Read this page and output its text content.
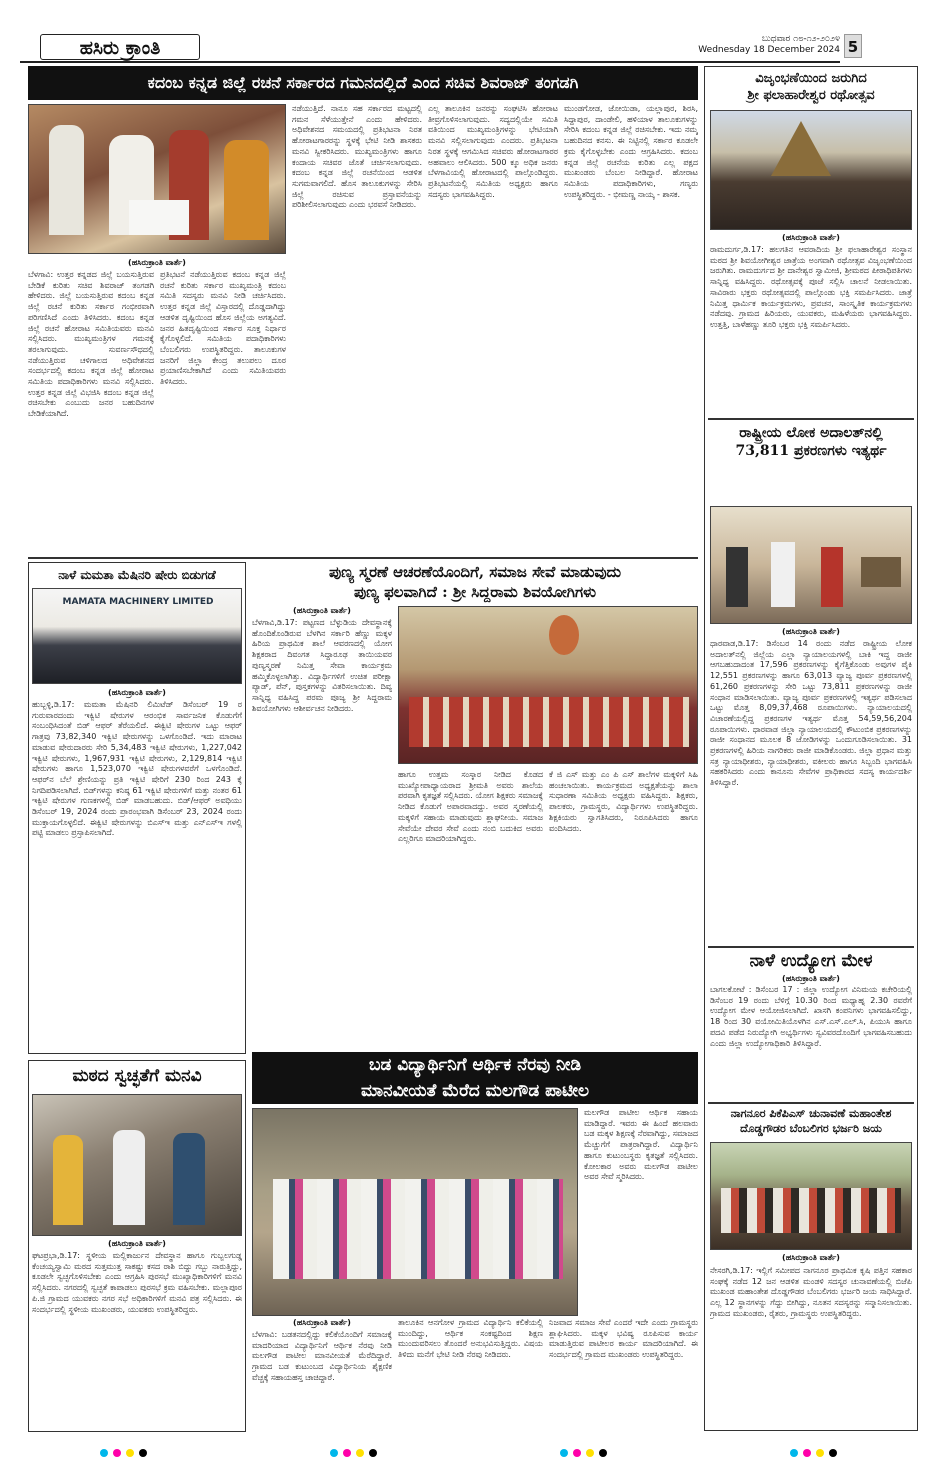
ಹಸಿರು ಕ್ರಾಂತಿ	ಬುಧವಾರ ೧೮-೧೨-೨೦೨೪
Wednesday 18 December 2024 5
ಕದಂಬ ಕನ್ನಡ ಜಿಲ್ಲೆ ರಚನೆ ಸರ್ಕಾರದ ಗಮನದಲ್ಲಿದೆ ಎಂದ ಸಚಿವ ಶಿವರಾಜ್ ತಂಗಡಗಿ
(ಹಸಿರುಕ್ರಾಂತಿ ವಾರ್ತೆ)
ಬೆಳಗಾವಿ: ಉತ್ತರ ಕನ್ನಡದ ಜಿಲ್ಲೆ ಬಯಸುತ್ತಿರುವ ಬೇಡಿಕೆ ಕುರಿತು ಸಚಿವ ಶಿವರಾಜ್ ತಂಗಡಗಿ ಹೇಳಿದರು. ಜಿಲ್ಲೆ ಬಯಸುತ್ತಿರುವ ಕದಂಬ ಕನ್ನಡ ಜಿಲ್ಲೆ ರಚನೆ ಕುರಿತು ಸರ್ಕಾರ ಗಂಭೀರವಾಗಿ ಪರಿಗಣಿಸಿದೆ ಎಂದು ತಿಳಿಸಿದರು. ಕದಂಬ ಕನ್ನಡ ಜಿಲ್ಲೆ ರಚನೆ ಹೋರಾಟ ಸಮಿತಿಯವರು ಮನವಿ ಸಲ್ಲಿಸಿದರು. ಮುಖ್ಯಮಂತ್ರಿಗಳ ಗಮನಕ್ಕೆ ತರಲಾಗುವುದು. ಸುವರ್ಣಸೌಧದಲ್ಲಿ ನಡೆಯುತ್ತಿರುವ ಚಳಿಗಾಲದ ಅಧಿವೇಶನದ ಸಂದರ್ಭದಲ್ಲಿ ಕದಂಬ ಕನ್ನಡ ಜಿಲ್ಲೆ ಹೋರಾಟ ಸಮಿತಿಯ ಪದಾಧಿಕಾರಿಗಳು ಮನವಿ ಸಲ್ಲಿಸಿದರು. ಉತ್ತರ ಕನ್ನಡ ಜಿಲ್ಲೆ ವಿಭಜಿಸಿ ಕದಂಬ ಕನ್ನಡ ಜಿಲ್ಲೆ ರಚಿಸಬೇಕು ಎಂಬುದು ಜನರ ಬಹುದಿನಗಳ ಬೇಡಿಕೆಯಾಗಿದೆ.
ಪ್ರತಿಭಟನೆ ನಡೆಯುತ್ತಿರುವ ಕದಂಬ ಕನ್ನಡ ಜಿಲ್ಲೆ ರಚನೆ ಕುರಿತು ಸರ್ಕಾರ ಮುಖ್ಯಮಂತ್ರಿ ಕದಂಬ ಸಮಿತಿ ಸದಸ್ಯರು ಮನವಿ ನೀಡಿ ಚರ್ಚಿಸಿದರು. ಉತ್ತರ ಕನ್ನಡ ಜಿಲ್ಲೆ ವಿಸ್ತಾರದಲ್ಲಿ ದೊಡ್ಡದಾಗಿದ್ದು ಆಡಳಿತ ದೃಷ್ಟಿಯಿಂದ ಹೊಸ ಜಿಲ್ಲೆಯ ಅಗತ್ಯವಿದೆ. ಜನರ ಹಿತದೃಷ್ಟಿಯಿಂದ ಸರ್ಕಾರ ಸೂಕ್ತ ನಿರ್ಧಾರ ಕೈಗೊಳ್ಳಲಿದೆ. ಸಮಿತಿಯ ಪದಾಧಿಕಾರಿಗಳು ಬೆಂಬಲಿಗರು ಉಪಸ್ಥಿತರಿದ್ದರು. ತಾಲೂಕುಗಳ ಜನರಿಗೆ ಜಿಲ್ಲಾ ಕೇಂದ್ರ ತಲುಪಲು ದೂರ ಪ್ರಯಾಣಿಸಬೇಕಾಗಿದೆ ಎಂದು ಸಮಿತಿಯವರು ತಿಳಿಸಿದರು.
ನಡೆಯುತ್ತಿದೆ. ನಾನೂ ಸಹ ಸರ್ಕಾರದ ಮಟ್ಟದಲ್ಲಿ ಗಮನ ಸೆಳೆಯುತ್ತೇನೆ ಎಂದು ಹೇಳಿದರು. ಅಧಿವೇಶನದ ಸಮಯದಲ್ಲಿ ಪ್ರತಿಭಟನಾ ನಿರತ ಹೋರಾಟಗಾರರನ್ನು ಸ್ಥಳಕ್ಕೆ ಭೇಟಿ ನೀಡಿ ಶಾಸಕರು ಮನವಿ ಸ್ವೀಕರಿಸಿದರು. ಮುಖ್ಯಮಂತ್ರಿಗಳು ಹಾಗೂ ಕಂದಾಯ ಸಚಿವರ ಜೊತೆ ಚರ್ಚಿಸಲಾಗುವುದು. ಕದಂಬ ಕನ್ನಡ ಜಿಲ್ಲೆ ರಚನೆಯಿಂದ ಆಡಳಿತ ಸುಗಮವಾಗಲಿದೆ. ಹೊಸ ತಾಲೂಕುಗಳನ್ನು ಸೇರಿಸಿ ಜಿಲ್ಲೆ ರಚಿಸುವ ಪ್ರಸ್ತಾವನೆಯನ್ನು ಪರಿಶೀಲಿಸಲಾಗುವುದು ಎಂದು ಭರವಸೆ ನೀಡಿದರು.
ಎಲ್ಲ ತಾಲೂಕಿನ ಜನರನ್ನು ಸಂಘಟಿಸಿ ಹೋರಾಟ ತೀವ್ರಗೊಳಿಸಲಾಗುವುದು. ಸದ್ಯದಲ್ಲಿಯೇ ಸಮಿತಿ ವತಿಯಿಂದ ಮುಖ್ಯಮಂತ್ರಿಗಳನ್ನು ಭೇಟಿಯಾಗಿ ಮನವಿ ಸಲ್ಲಿಸಲಾಗುವುದು ಎಂದರು. ಪ್ರತಿಭಟನಾ ನಿರತ ಸ್ಥಳಕ್ಕೆ ಆಗಮಿಸಿದ ಸಚಿವರು ಹೋರಾಟಗಾರರ ಅಹವಾಲು ಆಲಿಸಿದರು. 500 ಕ್ಕೂ ಅಧಿಕ ಜನರು ಬೆಳಗಾವಿಯಲ್ಲಿ ಹೋರಾಟದಲ್ಲಿ ಪಾಲ್ಗೊಂಡಿದ್ದರು. ಪ್ರತಿಭಟನೆಯಲ್ಲಿ ಸಮಿತಿಯ ಅಧ್ಯಕ್ಷರು ಹಾಗೂ ಸದಸ್ಯರು ಭಾಗವಹಿಸಿದ್ದರು.
ಮುಂಡಗೋಡ, ಜೋಯಿಡಾ, ಯಲ್ಲಾಪುರ, ಶಿರಸಿ, ಸಿದ್ದಾಪುರ, ದಾಂಡೇಲಿ, ಹಳಿಯಾಳ ತಾಲೂಕುಗಳನ್ನು ಸೇರಿಸಿ ಕದಂಬ ಕನ್ನಡ ಜಿಲ್ಲೆ ರಚಿಸಬೇಕು. ಇದು ನಮ್ಮ ಬಹುದಿನದ ಕನಸು. ಈ ನಿಟ್ಟಿನಲ್ಲಿ ಸರ್ಕಾರ ಕೂಡಲೇ ಕ್ರಮ ಕೈಗೊಳ್ಳಬೇಕು ಎಂದು ಆಗ್ರಹಿಸಿದರು. ಕದಂಬ ಕನ್ನಡ ಜಿಲ್ಲೆ ರಚನೆಯ ಕುರಿತು ಎಲ್ಲ ಪಕ್ಷದ ಮುಖಂಡರು ಬೆಂಬಲ ನೀಡಿದ್ದಾರೆ. ಹೋರಾಟ ಸಮಿತಿಯ ಪದಾಧಿಕಾರಿಗಳು, ಗಣ್ಯರು ಉಪಸ್ಥಿತರಿದ್ದರು. - ಭೀಮಣ್ಣ ನಾಯ್ಕ - ಶಾಸಕ.
ವಿಜೃಂಭಣೆಯಿಂದ ಜರುಗಿದ
ಶ್ರೀ ಫಲಾಹಾರೇಶ್ವರ ರಥೋತ್ಸವ
(ಹಸಿರುಕ್ರಾಂತಿ ವಾರ್ತೆ)
ರಾಮದುರ್ಗ,ಡಿ.17: ಹಲಗತಿನ ಆವರಾದಿಯ ಶ್ರೀ ಫಲಾಹಾರೇಶ್ವರ ಸಂಸ್ಥಾನ ಮಠದ ಶ್ರೀ ಶಿವಯೋಗೀಶ್ವರ ಜಾತ್ರೆಯ ಅಂಗವಾಗಿ ರಥೋತ್ಸವ ವಿಜೃಂಭಣೆಯಿಂದ ಜರುಗಿತು. ರಾಮದುರ್ಗದ ಶ್ರೀ ದಾನೇಶ್ವರ ಸ್ವಾಮೀಜಿ, ಶ್ರೀಮಠದ ಪೀಠಾಧಿಪತಿಗಳು ಸಾನ್ನಿಧ್ಯ ವಹಿಸಿದ್ದರು. ರಥೋತ್ಸವಕ್ಕೆ ಪೂಜೆ ಸಲ್ಲಿಸಿ ಚಾಲನೆ ನೀಡಲಾಯಿತು. ಸಾವಿರಾರು ಭಕ್ತರು ರಥೋತ್ಸವದಲ್ಲಿ ಪಾಲ್ಗೊಂಡು ಭಕ್ತಿ ಸಮರ್ಪಿಸಿದರು. ಜಾತ್ರೆ ನಿಮಿತ್ತ ಧಾರ್ಮಿಕ ಕಾರ್ಯಕ್ರಮಗಳು, ಪ್ರವಚನ, ಸಾಂಸ್ಕೃತಿಕ ಕಾರ್ಯಕ್ರಮಗಳು ನಡೆದವು. ಗ್ರಾಮದ ಹಿರಿಯರು, ಯುವಕರು, ಮಹಿಳೆಯರು ಭಾಗವಹಿಸಿದ್ದರು. ಉತ್ತತ್ತಿ, ಬಾಳೆಹಣ್ಣು ತೂರಿ ಭಕ್ತರು ಭಕ್ತಿ ಸಮರ್ಪಿಸಿದರು.
ರಾಷ್ಟ್ರೀಯ ಲೋಕ ಅದಾಲತ್‌ನಲ್ಲಿ
73,811 ಪ್ರಕರಣಗಳು ಇತ್ಯರ್ಥ
(ಹಸಿರುಕ್ರಾಂತಿ ವಾರ್ತೆ)
ಧಾರವಾಡ,ಡಿ.17: ಡಿಸೆಂಬರ 14 ರಂದು ನಡೆದ ರಾಷ್ಟ್ರೀಯ ಲೋಕ ಅದಾಲತ್‌ನಲ್ಲಿ ಜಿಲ್ಲೆಯ ಎಲ್ಲಾ ನ್ಯಾಯಾಲಯಗಳಲ್ಲಿ ಬಾಕಿ ಇದ್ದ ರಾಜೀ ಆಗಬಹುದಾದಂತ 17,596 ಪ್ರಕರಣಗಳನ್ನು ಕೈಗೆತ್ತಿಕೊಂಡು ಅವುಗಳ ಪೈಕಿ 12,551 ಪ್ರಕರಣಗಳನ್ನು ಹಾಗೂ 63,013 ವ್ಯಾಜ್ಯ ಪೂರ್ವ ಪ್ರಕರಣಗಳಲ್ಲಿ 61,260 ಪ್ರಕರಣಗಳನ್ನು ಸೇರಿ ಒಟ್ಟು 73,811 ಪ್ರಕರಣಗಳನ್ನು ರಾಜೀ ಸಂಧಾನ ಮಾಡಿಸಲಾಯಿತು. ವ್ಯಾಜ್ಯ ಪೂರ್ವ ಪ್ರಕರಣಗಳಲ್ಲಿ ಇತ್ಯರ್ಥ ಪಡಿಸಲಾದ ಒಟ್ಟು ಮೊತ್ತ 8,09,37,468 ರೂಪಾಯಿಗಳು. ನ್ಯಾಯಾಲಯದಲ್ಲಿ ವಿಚಾರಣೆಯಲ್ಲಿದ್ದ ಪ್ರಕರಣಗಳ ಇತ್ಯರ್ಥ ಮೊತ್ತ 54,59,56,204 ರೂಪಾಯಿಗಳು. ಧಾರವಾಡ ಜಿಲ್ಲಾ ನ್ಯಾಯಾಲಯದಲ್ಲಿ ಕೌಟುಂಬಿಕ ಪ್ರಕರಣಗಳನ್ನು ರಾಜೀ ಸಂಧಾನದ ಮೂಲಕ 8 ಜೋಡಿಗಳನ್ನು ಒಂದುಗೂಡಿಸಲಾಯಿತು. 31 ಪ್ರಕರಣಗಳಲ್ಲಿ ಹಿರಿಯ ನಾಗರಿಕರು ರಾಜೀ ಮಾಡಿಕೊಂಡರು. ಜಿಲ್ಲಾ ಪ್ರಧಾನ ಮತ್ತು ಸತ್ರ ನ್ಯಾಯಾಧೀಶರು, ನ್ಯಾಯಾಧೀಶರು, ವಕೀಲರು ಹಾಗೂ ಸಿಬ್ಬಂದಿ ಭಾಗವಹಿಸಿ ಸಹಕರಿಸಿದರು ಎಂದು ಕಾನೂನು ಸೇವೆಗಳ ಪ್ರಾಧಿಕಾರದ ಸದಸ್ಯ ಕಾರ್ಯದರ್ಶಿ ತಿಳಿಸಿದ್ದಾರೆ.
ನಾಳೆ ಉದ್ಯೋಗ ಮೇಳ
(ಹಸಿರುಕ್ರಾಂತಿ ವಾರ್ತೆ)
ಬಾಗಲಕೋಟೆ : ಡಿಸೆಂಬರ 17 : ಜಿಲ್ಲಾ ಉದ್ಯೋಗ ವಿನಿಮಯ ಕಚೇರಿಯಲ್ಲಿ ಡಿಸೆಂಬರ 19 ರಂದು ಬೆಳಿಗ್ಗೆ 10.30 ರಿಂದ ಮಧ್ಯಾಹ್ನ 2.30 ರವರೆಗೆ ಉದ್ಯೋಗ ಮೇಳ ಆಯೋಜಿಸಲಾಗಿದೆ. ಖಾಸಗಿ ಕಂಪನಿಗಳು ಭಾಗವಹಿಸಲಿದ್ದು, 18 ರಿಂದ 30 ವಯೋಮಿತಿಯೊಳಗಿನ ಎಸ್.ಎಸ್.ಎಲ್.ಸಿ, ಪಿಯುಸಿ ಹಾಗೂ ಪದವಿ ಪಡೆದ ನಿರುದ್ಯೋಗಿ ಅಭ್ಯರ್ಥಿಗಳು ಸ್ವವಿವರದೊಂದಿಗೆ ಭಾಗವಹಿಸಬಹುದು ಎಂದು ಜಿಲ್ಲಾ ಉದ್ಯೋಗಾಧಿಕಾರಿ ತಿಳಿಸಿದ್ದಾರೆ.
ನಾಗನೂರ ಪಿಕೆಪಿಎಸ್ ಚುನಾವಣೆ ಮಹಾಂತೇಶ
ದೊಡ್ಡಗೌಡರ ಬೆಂಬಲಿಗರ ಭರ್ಜರಿ ಜಯ
(ಹಸಿರುಕ್ರಾಂತಿ ವಾರ್ತೆ)
ನೇಸರಗಿ,ಡಿ.17: ಇಲ್ಲಿಗೆ ಸಮೀಪದ ನಾಗನೂರ ಪ್ರಾಥಮಿಕ ಕೃಷಿ ಪತ್ತಿನ ಸಹಕಾರ ಸಂಘಕ್ಕೆ ನಡೆದ 12 ಜನ ಆಡಳಿತ ಮಂಡಳಿ ಸದಸ್ಯರ ಚುನಾವಣೆಯಲ್ಲಿ ಬಿಜೆಪಿ ಮುಖಂಡ ಮಹಾಂತೇಶ ದೊಡ್ಡಗೌಡರ ಬೆಂಬಲಿಗರು ಭರ್ಜರಿ ಜಯ ಸಾಧಿಸಿದ್ದಾರೆ. ಎಲ್ಲ 12 ಸ್ಥಾನಗಳನ್ನು ಗೆದ್ದು ಬೀಗಿದ್ದು, ನೂತನ ಸದಸ್ಯರನ್ನು ಸನ್ಮಾನಿಸಲಾಯಿತು. ಗ್ರಾಮದ ಮುಖಂಡರು, ರೈತರು, ಗ್ರಾಮಸ್ಥರು ಉಪಸ್ಥಿತರಿದ್ದರು.
ನಾಳೆ ಮಮತಾ ಮೆಷಿನರಿ ಷೇರು ಬಿಡುಗಡೆ
MAMATA MACHINERY LIMITED
(ಹಸಿರುಕ್ರಾಂತಿ ವಾರ್ತೆ)
ಹುಬ್ಬಳ್ಳಿ,ಡಿ.17: ಮಮತಾ ಮೆಷಿನರಿ ಲಿಮಿಟೆಡ್ ಡಿಸೆಂಬರ್ 19 ರ ಗುರುವಾರದಂದು ಇಕ್ವಿಟಿ ಷೇರುಗಳ ಆರಂಭಿಕ ಸಾರ್ವಜನಿಕ ಕೊಡುಗೆಗೆ ಸಂಬಂಧಿಸಿದಂತೆ ಬಿಡ್ ಆಫರ್ ತೆರೆಯಲಿದೆ. ಈಕ್ವಿಟಿ ಷೇರುಗಳ ಒಟ್ಟು ಆಫರ್ ಗಾತ್ರವು 73,82,340 ಇಕ್ವಿಟಿ ಷೇರುಗಳನ್ನು ಒಳಗೊಂಡಿದೆ. ಇದು ಮಾರಾಟ ಮಾಡುವ ಷೇರುದಾರರು ಸೇರಿ 5,34,483 ಇಕ್ವಿಟಿ ಷೇರುಗಳು, 1,227,042 ಇಕ್ವಿಟಿ ಷೇರುಗಳು, 1,967,931 ಇಕ್ವಿಟಿ ಷೇರುಗಳು, 2,129,814 ಇಕ್ವಿಟಿ ಷೇರುಗಳು ಹಾಗೂ 1,523,070 ಇಕ್ವಿಟಿ ಷೇರುಗಳವರೆಗೆ ಒಳಗೊಂಡಿದೆ. ಆಫರ್‌ನ ಬೆಲೆ ಶ್ರೇಣಿಯನ್ನು ಪ್ರತಿ ಇಕ್ವಿಟಿ ಷೇರಿಗೆ 230 ರಿಂದ 243 ಕ್ಕೆ ನಿಗದಿಪಡಿಸಲಾಗಿದೆ. ಬಿಡ್‌ಗಳನ್ನು ಕನಿಷ್ಠ 61 ಇಕ್ವಿಟಿ ಷೇರುಗಳಿಗೆ ಮತ್ತು ನಂತರ 61 ಇಕ್ವಿಟಿ ಷೇರುಗಳ ಗುಣಕಗಳಲ್ಲಿ ಬಿಡ್ ಮಾಡಬಹುದು. ಬಿಡ್/ಆಫರ್ ಅವಧಿಯು ಡಿಸೆಂಬರ್ 19, 2024 ರಂದು ಪ್ರಾರಂಭವಾಗಿ ಡಿಸೆಂಬರ್ 23, 2024 ರಂದು ಮುಕ್ತಾಯಗೊಳ್ಳಲಿದೆ. ಈಕ್ವಿಟಿ ಷೇರುಗಳನ್ನು ಬಿಎಸ್‌ಇ ಮತ್ತು ಎನ್‌ಎಸ್‌ಇ ಗಳಲ್ಲಿ ಪಟ್ಟಿ ಮಾಡಲು ಪ್ರಸ್ತಾಪಿಸಲಾಗಿದೆ.
ಮಠದ ಸ್ವಚ್ಛತೆಗೆ ಮನವಿ
(ಹಸಿರುಕ್ರಾಂತಿ ವಾರ್ತೆ)
ಘಟಪ್ರಭಾ,ಡಿ.17: ಸ್ಥಳೀಯ ಮಲ್ಲಿಕಾರ್ಜುನ ದೇವಸ್ಥಾನ ಹಾಗೂ ಗುಬ್ಬಲಗುಡ್ಡ ಕೆಂಚಯ್ಯಸ್ವಾಮಿ ಮಠದ ಸುತ್ತಮುತ್ತ ಸಾಕಷ್ಟು ಕಸದ ರಾಶಿ ಬಿದ್ದು ಗಬ್ಬು ನಾರುತ್ತಿದ್ದು, ಕೂಡಲೇ ಸ್ವಚ್ಛಗೊಳಿಸಬೇಕು ಎಂದು ಆಗ್ರಹಿಸಿ ಪುರಸಭೆ ಮುಖ್ಯಾಧಿಕಾರಿಗಳಿಗೆ ಮನವಿ ಸಲ್ಲಿಸಿದರು. ನಗರದಲ್ಲಿ ಸ್ವಚ್ಛತೆ ಕಾಪಾಡಲು ಪುರಸಭೆ ಕ್ರಮ ವಹಿಸಬೇಕು. ಮಲ್ಲಾಪೂರ ಪಿ.ಜಿ ಗ್ರಾಮದ ಯುವಕರು ನಗರ ಸಭೆ ಅಧಿಕಾರಿಗಳಿಗೆ ಮನವಿ ಪತ್ರ ಸಲ್ಲಿಸಿದರು. ಈ ಸಂದರ್ಭದಲ್ಲಿ ಸ್ಥಳೀಯ ಮುಖಂಡರು, ಯುವಕರು ಉಪಸ್ಥಿತರಿದ್ದರು.
ಪುಣ್ಯ ಸ್ಮರಣೆ ಆಚರಣೆಯೊಂದಿಗೆ, ಸಮಾಜ ಸೇವೆ ಮಾಡುವುದು
ಪುಣ್ಯ ಫಲವಾಗಿದೆ : ಶ್ರೀ ಸಿದ್ದರಾಮ ಶಿವಯೋಗಿಗಳು
(ಹಸಿರುಕ್ರಾಂತಿ ವಾರ್ತೆ)
ಬೆಳಗಾವಿ,ಡಿ.17: ಪಟ್ಟಣದ ಬೆಳ್ಳುಡಿಯ ದೇವಸ್ಥಾನಕ್ಕೆ ಹೊಂದಿಕೊಂಡಿರುವ ಬೆಳಗಿನ ಸರ್ಕಾರಿ ಹೆಣ್ಣು ಮಕ್ಕಳ ಹಿರಿಯ ಪ್ರಾಥಮಿಕ ಶಾಲೆ ಆವರಣದಲ್ಲಿ ಯೋಗ ಶಿಕ್ಷಕರಾದ ದಿವಂಗತ ಸಿದ್ದಾರೂಢ ತಾಯಿಯವರ ಪುಣ್ಯಸ್ಮರಣೆ ನಿಮಿತ್ತ ಸೇವಾ ಕಾರ್ಯಕ್ರಮ ಹಮ್ಮಿಕೊಳ್ಳಲಾಗಿತ್ತು. ವಿದ್ಯಾರ್ಥಿಗಳಿಗೆ ಉಚಿತ ಪರೀಕ್ಷಾ ಪ್ಯಾಡ್, ಪೆನ್, ಪುಸ್ತಕಗಳನ್ನು ವಿತರಿಸಲಾಯಿತು. ದಿವ್ಯ ಸಾನ್ನಿಧ್ಯ ವಹಿಸಿದ್ದ ಪರಮ ಪೂಜ್ಯ ಶ್ರೀ ಸಿದ್ದರಾಮ ಶಿವಯೋಗಿಗಳು ಆಶೀರ್ವಚನ ನೀಡಿದರು.
ಹಾಗೂ ಉತ್ತಮ ಸಂಸ್ಕಾರ ನೀಡಿದ ಕೊಡದ ಮುಖ್ಯೋಪಾಧ್ಯಾಯರಾದ ಶ್ರೀಮತಿ ಅವರು ಶಾಲೆಯ ಪರವಾಗಿ ಕೃತಜ್ಞತೆ ಸಲ್ಲಿಸಿದರು. ಯೋಗ ಶಿಕ್ಷಕರು ಸಮಾಜಕ್ಕೆ ನೀಡಿದ ಕೊಡುಗೆ ಅಪಾರವಾದದ್ದು. ಅವರ ಸ್ಮರಣೆಯಲ್ಲಿ ಮಕ್ಕಳಿಗೆ ಸಹಾಯ ಮಾಡುವುದು ಶ್ಲಾಘನೀಯ. ಸಮಾಜ ಸೇವೆಯೇ ದೇವರ ಸೇವೆ ಎಂದು ನಂಬಿ ಬದುಕಿದ ಅವರು ಎಲ್ಲರಿಗೂ ಮಾದರಿಯಾಗಿದ್ದರು.
ಕೆ ಜಿ ಎಸ್ ಮತ್ತು ಎಂ ಪಿ ಎಸ್ ಶಾಲೆಗಳ ಮಕ್ಕಳಿಗೆ ಸಿಹಿ ಹಂಚಲಾಯಿತು. ಕಾರ್ಯಕ್ರಮದ ಅಧ್ಯಕ್ಷತೆಯನ್ನು ಶಾಲಾ ಸುಧಾರಣಾ ಸಮಿತಿಯ ಅಧ್ಯಕ್ಷರು ವಹಿಸಿದ್ದರು. ಶಿಕ್ಷಕರು, ಪಾಲಕರು, ಗ್ರಾಮಸ್ಥರು, ವಿದ್ಯಾರ್ಥಿಗಳು ಉಪಸ್ಥಿತರಿದ್ದರು. ಶಿಕ್ಷಕಿಯರು ಸ್ವಾಗತಿಸಿದರು, ನಿರೂಪಿಸಿದರು ಹಾಗೂ ವಂದಿಸಿದರು.
ಬಡ ವಿದ್ಯಾರ್ಥಿನಿಗೆ ಆರ್ಥಿಕ ನೆರವು ನೀಡಿ
ಮಾನವೀಯತೆ ಮೆರೆದ ಮಲಗೌಡ ಪಾಟೀಲ
ಮಲಗೌಡ ಪಾಟೀಲ ಆರ್ಥಿಕ ಸಹಾಯ ಮಾಡಿದ್ದಾರೆ. ಇವರು ಈ ಹಿಂದೆ ಹಲವಾರು ಬಡ ಮಕ್ಕಳ ಶಿಕ್ಷಣಕ್ಕೆ ನೆರವಾಗಿದ್ದು, ಸಮಾಜದ ಮೆಚ್ಚುಗೆಗೆ ಪಾತ್ರರಾಗಿದ್ದಾರೆ. ವಿದ್ಯಾರ್ಥಿನಿ ಹಾಗೂ ಕುಟುಂಬಸ್ಥರು ಕೃತಜ್ಞತೆ ಸಲ್ಲಿಸಿದರು. ಕೋಲಕಾರ ಅವರು ಮಲಗೌಡ ಪಾಟೀಲ ಅವರ ಸೇವೆ ಸ್ಮರಿಸಿದರು.
(ಹಸಿರುಕ್ರಾಂತಿ ವಾರ್ತೆ)
ಬೆಳಗಾವಿ: ಬಡತನದಲ್ಲಿದ್ದು ಕಲಿಕೆಯೊಂದಿಗೆ ಸಮಾಜಕ್ಕೆ ಮಾದರಿಯಾದ ವಿದ್ಯಾರ್ಥಿನಿಗೆ ಆರ್ಥಿಕ ನೆರವು ನೀಡಿ ಮಲಗೌಡ ಪಾಟೀಲ ಮಾನವೀಯತೆ ಮೆರೆದಿದ್ದಾರೆ. ಗ್ರಾಮದ ಬಡ ಕುಟುಂಬದ ವಿದ್ಯಾರ್ಥಿನಿಯ ಶೈಕ್ಷಣಿಕ ವೆಚ್ಚಕ್ಕೆ ಸಹಾಯಹಸ್ತ ಚಾಚಿದ್ದಾರೆ.
ತಾಲೂಕಿನ ಆನಗೋಳ ಗ್ರಾಮದ ವಿದ್ಯಾರ್ಥಿನಿ ಕಲಿಕೆಯಲ್ಲಿ ಮುಂದಿದ್ದು, ಆರ್ಥಿಕ ಸಂಕಷ್ಟದಿಂದ ಶಿಕ್ಷಣ ಮುಂದುವರಿಸಲು ತೊಂದರೆ ಅನುಭವಿಸುತ್ತಿದ್ದರು. ವಿಷಯ ತಿಳಿದು ಮನೆಗೆ ಭೇಟಿ ನೀಡಿ ನೆರವು ನೀಡಿದರು.
ನಿಜವಾದ ಸಮಾಜ ಸೇವೆ ಎಂದರೆ ಇದೇ ಎಂದು ಗ್ರಾಮಸ್ಥರು ಶ್ಲಾಘಿಸಿದರು. ಮಕ್ಕಳ ಭವಿಷ್ಯ ರೂಪಿಸುವ ಕಾರ್ಯ ಮಾಡುತ್ತಿರುವ ಪಾಟೀಲರ ಕಾರ್ಯ ಮಾದರಿಯಾಗಿದೆ. ಈ ಸಂದರ್ಭದಲ್ಲಿ ಗ್ರಾಮದ ಮುಖಂಡರು ಉಪಸ್ಥಿತರಿದ್ದರು.
